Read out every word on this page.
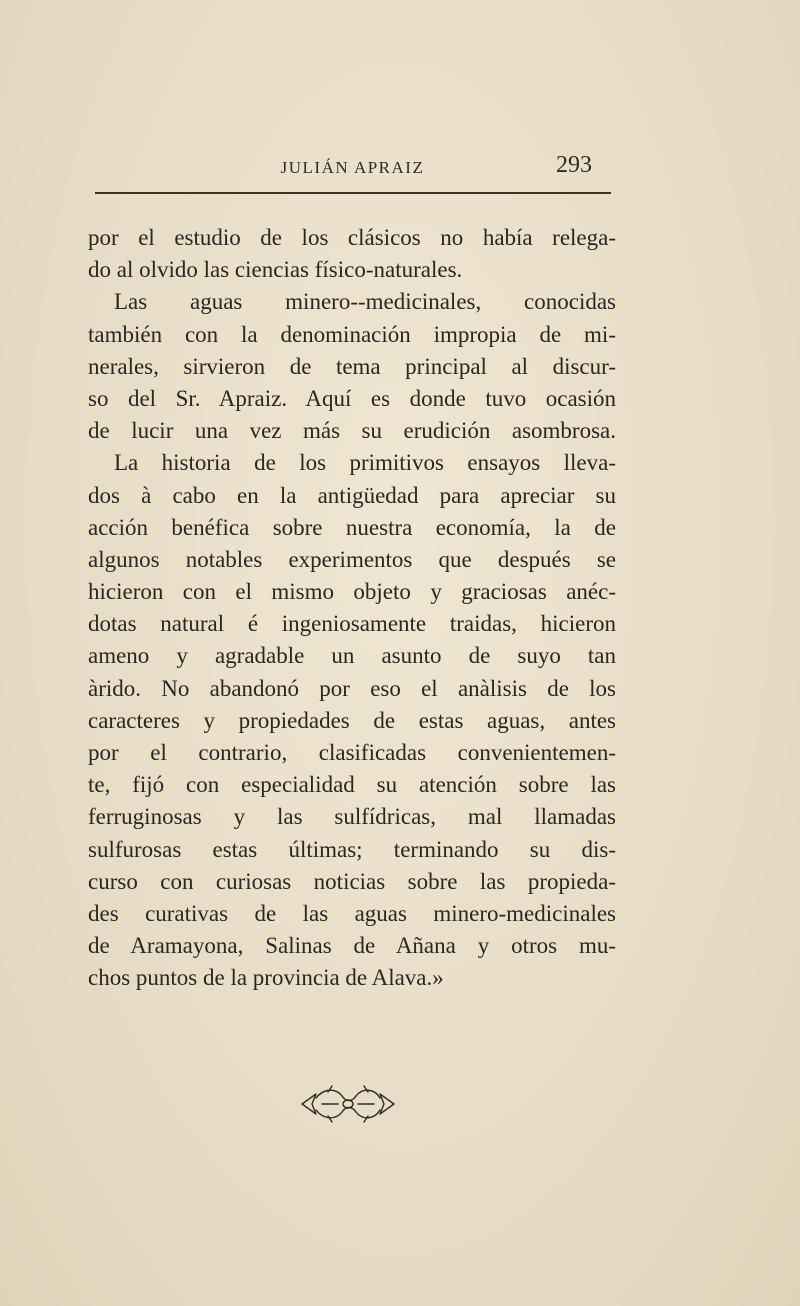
JULIÁN APRAIZ	293
por el estudio de los clásicos no había relega-
do al olvido las ciencias físico-naturales.
Las aguas minero--medicinales, conocidas
también con la denominación impropia de mi-
nerales, sirvieron de tema principal al discur-
so del Sr. Apraiz. Aquí es donde tuvo ocasión
de lucir una vez más su erudición asombrosa.
La historia de los primitivos ensayos lleva-
dos à cabo en la antigüedad para apreciar su
acción benéfica sobre nuestra economía, la de
algunos notables experimentos que después se
hicieron con el mismo objeto y graciosas anéc-
dotas natural é ingeniosamente traidas, hicieron
ameno y agradable un asunto de suyo tan
àrido. No abandonó por eso el anàlisis de los
caracteres y propiedades de estas aguas, antes
por el contrario, clasificadas convenientemen-
te, fijó con especialidad su atención sobre las
ferruginosas y las sulfídricas, mal llamadas
sulfurosas estas últimas; terminando su dis-
curso con curiosas noticias sobre las propieda-
des curativas de las aguas minero-medicinales
de Aramayona, Salinas de Añana y otros mu-
chos puntos de la provincia de Alava.»
